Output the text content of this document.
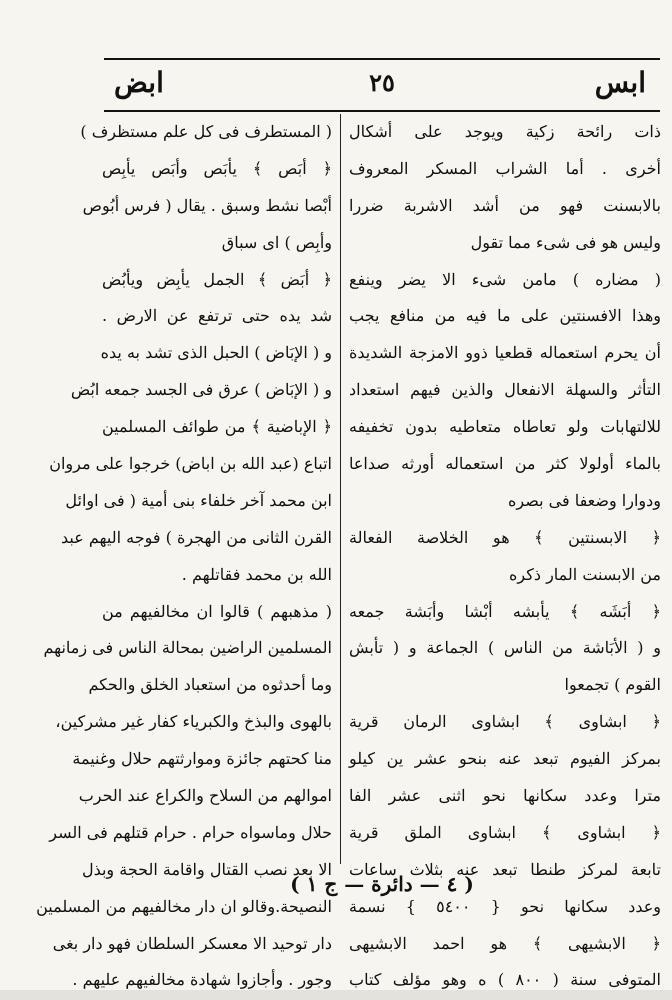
ابس
٢٥
ابض
ذات رائحة زكية ويوجد على أشكال
أخرى . أما الشراب المسكر المعروف
بالابسنت فهو من أشد الاشربة ضررا
وليس هو فى شىء مما تقول
( مضاره ) مامن شىء الا يضر وينفع
وهذا الافسنتين على ما فيه من منافع يجب
أن يحرم استعماله قطعيا ذوو الامزجة الشديدة
التأثر والسهلة الانفعال والذين فيهم استعداد
للالتهابات ولو تعاطاه متعاطيه بدون تخفيفه
بالماء أولولا كثر من استعماله أورثه صداعا
ودوارا وضعفا فى بصره
﴿ الابسنتين ﴾ هو الخلاصة الفعالة
من الابسنت المار ذكره
﴿ أبَشَه ﴾ يأبشه أبْشا وأبَشة جمعه
و ( الأبَاشة من الناس ) الجماعة و ( تأبش
القوم ) تجمعوا
﴿ ابشاوى ﴾ ابشاوى الرمان قرية
بمركز الفيوم تبعد عنه بنحو عشر ين كيلو
مترا وعدد سكانها نحو اثنى عشر الفا
﴿ ابشاوى ﴾ ابشاوى الملق قرية
تابعة لمركز طنطا تبعد عنه بثلاث ساعات
وعدد سكانها نحو { ٥٤٠٠ } نسمة
﴿ الابشيهى ﴾ هو احمد الابشيهى
المتوفى سنة ( ٨٠٠ ) ه وهو مؤلف كتاب
( المستطرف فى كل علم مستظرف )
﴿ أبَص ﴾ يأبَص وأبَص يأبِص
أبْصا نشط وسبق . يقال ( فرس أبُوص
وأبِص ) اى سباق
﴿ أبَض ﴾ الجمل يأبِض ويأبُض
شد يده حتى ترتفع عن الارض .
و ( الإبَاض ) الحبل الذى تشد به يده
و ( الإبَاض ) عرق فى الجسد جمعه ابُض
﴿ الإباضية ﴾ من طوائف المسلمين
اتباع (عبد الله بن اباض) خرجوا على مروان
ابن محمد آخر خلفاء بنى أمية ( فى اوائل
القرن الثانى من الهجرة ) فوجه اليهم عبد
الله بن محمد فقاتلهم .
( مذهبهم ) قالوا ان مخالفيهم من
المسلمين الراضين بمحالة الناس فى زمانهم
وما أحدثوه من استعباد الخلق والحكم
بالهوى والبذخ والكبرياء كفار غير مشركين،
منا كحتهم جائزة وموارثتهم حلال وغنيمة
اموالهم من السلاح والكراع عند الحرب
حلال وماسواه حرام . حرام قتلهم فى السر
الا بعد نصب القتال واقامة الحجة وبذل
النصيحة.وقالو ان دار مخالفيهم من المسلمين
دار توحيد الا معسكر السلطان فهو دار بغى
وجور . وأجازوا شهادة مخالفيهم عليهم .
( ٤ — دائرة — ج ١ )
